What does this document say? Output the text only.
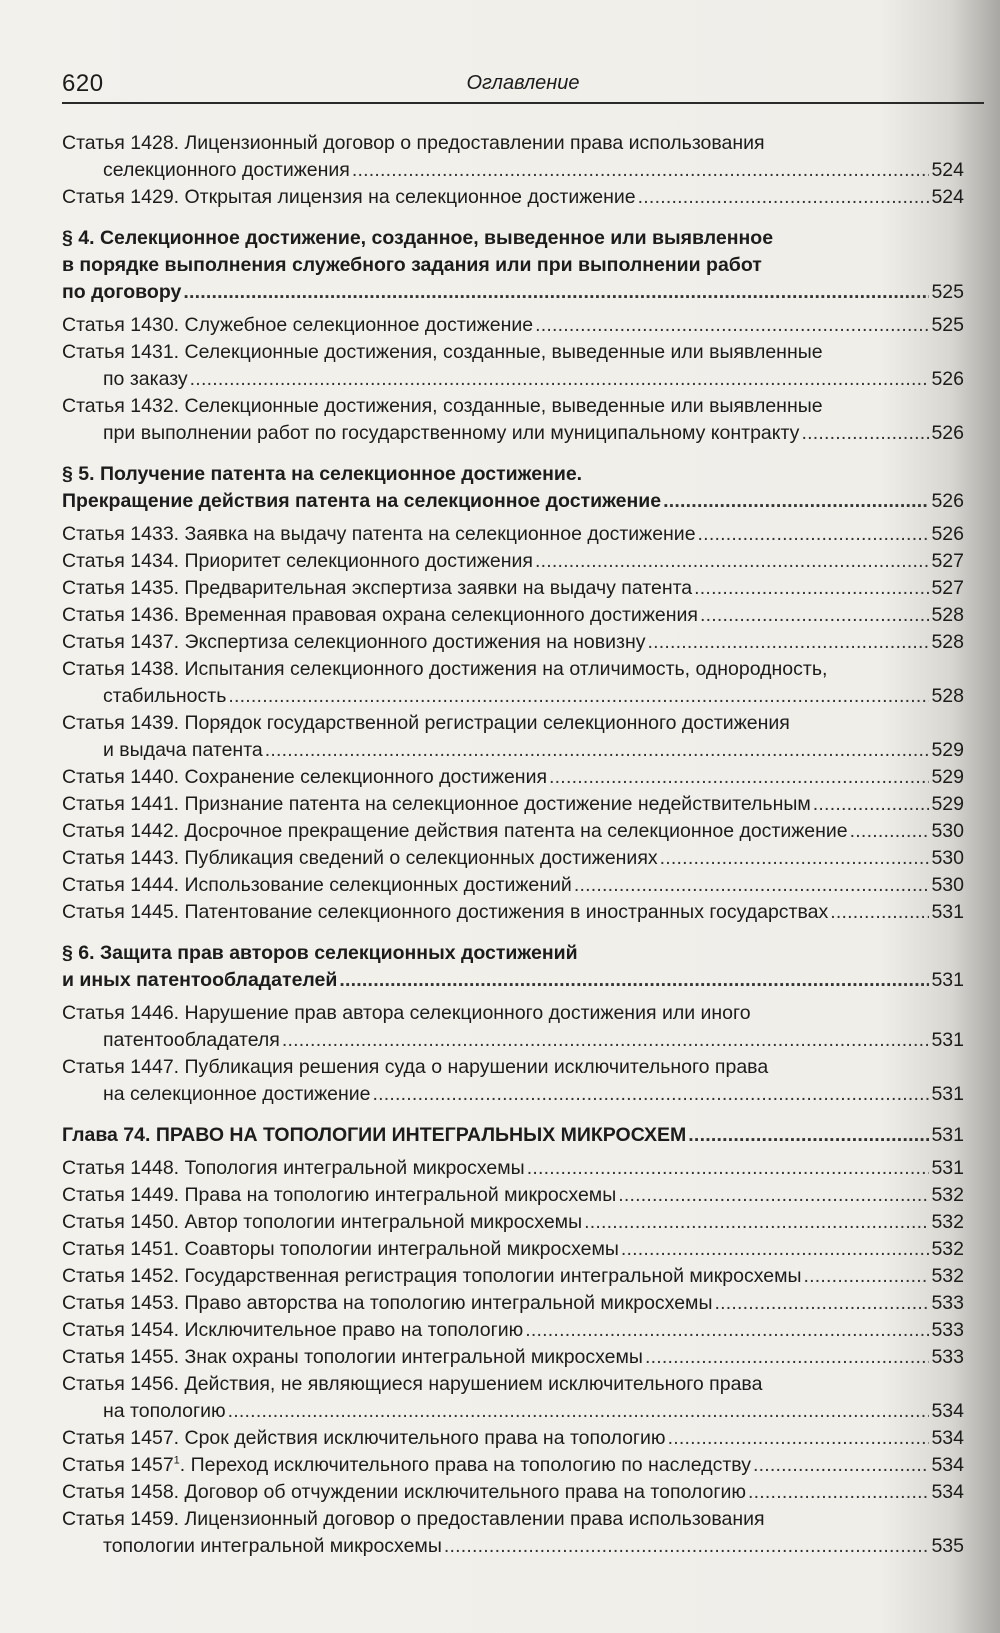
620	Оглавление
Статья 1428. Лицензионный договор о предоставлении права использования
селекционного достижения . . .	524
Статья 1429. Открытая лицензия на селекционное достижение . . .	524
§ 4. Селекционное достижение, созданное, выведенное или выявленное
в порядке выполнения служебного задания или при выполнении работ
по договору . . .	525
Статья 1430. Служебное селекционное достижение . . .	525
Статья 1431. Селекционные достижения, созданные, выведенные или выявленные
по заказу . . .	526
Статья 1432. Селекционные достижения, созданные, выведенные или выявленные
при выполнении работ по государственному или муниципальному контракту . . .	526
§ 5. Получение патента на селекционное достижение.
Прекращение действия патента на селекционное достижение . . .	526
Статья 1433. Заявка на выдачу патента на селекционное достижение . . .	526
Статья 1434. Приоритет селекционного достижения . . .	527
Статья 1435. Предварительная экспертиза заявки на выдачу патента . . .	527
Статья 1436. Временная правовая охрана селекционного достижения . . .	528
Статья 1437. Экспертиза селекционного достижения на новизну . . .	528
Статья 1438. Испытания селекционного достижения на отличимость, однородность,
стабильность . . .	528
Статья 1439. Порядок государственной регистрации селекционного достижения
и выдача патента . . .	529
Статья 1440. Сохранение селекционного достижения . . .	529
Статья 1441. Признание патента на селекционное достижение недействительным . . .	529
Статья 1442. Досрочное прекращение действия патента на селекционное достижение . . .	530
Статья 1443. Публикация сведений о селекционных достижениях . . .	530
Статья 1444. Использование селекционных достижений . . .	530
Статья 1445. Патентование селекционного достижения в иностранных государствах . . .	531
§ 6. Защита прав авторов селекционных достижений
и иных патентообладателей . . .	531
Статья 1446. Нарушение прав автора селекционного достижения или иного
патентообладателя . . .	531
Статья 1447. Публикация решения суда о нарушении исключительного права
на селекционное достижение . . .	531
Глава 74. ПРАВО НА ТОПОЛОГИИ ИНТЕГРАЛЬНЫХ МИКРОСХЕМ . . .	531
Статья 1448. Топология интегральной микросхемы . . .	531
Статья 1449. Права на топологию интегральной микросхемы . . .	532
Статья 1450. Автор топологии интегральной микросхемы . . .	532
Статья 1451. Соавторы топологии интегральной микросхемы . . .	532
Статья 1452. Государственная регистрация топологии интегральной микросхемы . . .	532
Статья 1453. Право авторства на топологию интегральной микросхемы . . .	533
Статья 1454. Исключительное право на топологию . . .	533
Статья 1455. Знак охраны топологии интегральной микросхемы . . .	533
Статья 1456. Действия, не являющиеся нарушением исключительного права
на топологию . . .	534
Статья 1457. Срок действия исключительного права на топологию . . .	534
Статья 1457$^1$. Переход исключительного права на топологию по наследству . . .	534
Статья 1458. Договор об отчуждении исключительного права на топологию . . .	534
Статья 1459. Лицензионный договор о предоставлении права использования
топологии интегральной микросхемы . . .	535
